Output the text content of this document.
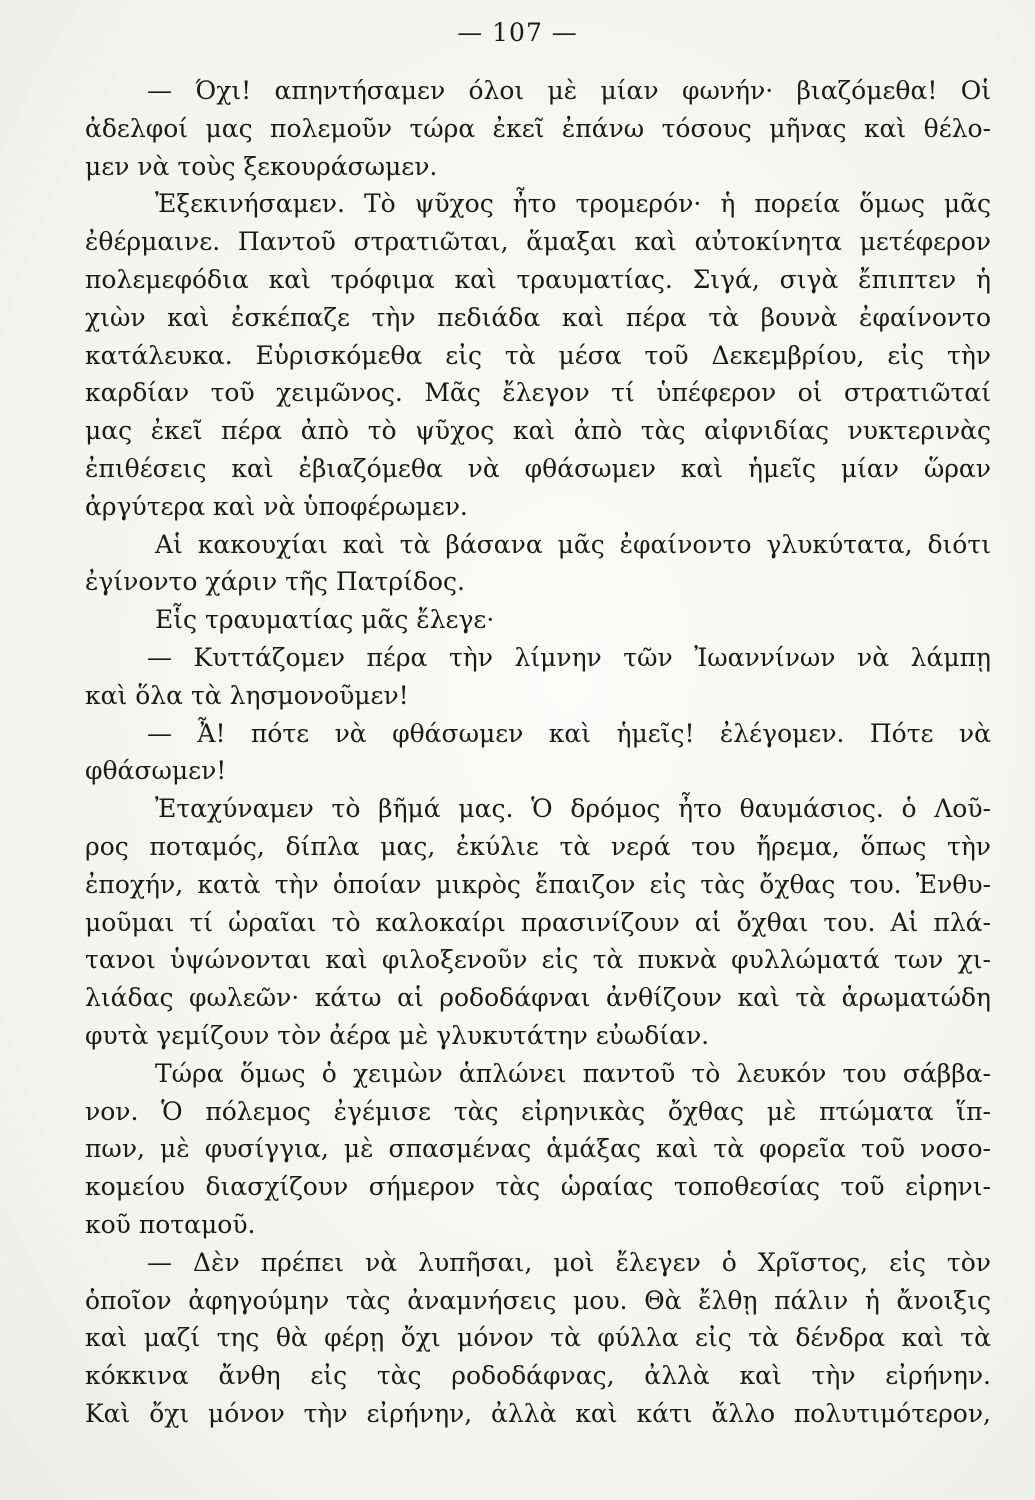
— 107 —
— Όχι! απηντήσαμεν όλοι μὲ μίαν φωνήν· βιαζόμεθα! Οἱ
ἀδελφοί μας πολεμοῦν τώρα ἐκεῖ ἐπάνω τόσους μῆνας καὶ θέλο-
μεν νὰ τοὺς ξεκουράσωμεν.
Ἐξεκινήσαμεν. Τὸ ψῦχος ἦτο τρομερόν· ἡ πορεία ὅμως μᾶς
ἐθέρμαινε. Παντοῦ στρατιῶται, ἅμαξαι καὶ αὐτοκίνητα μετέφερον
πολεμεφόδια καὶ τρόφιμα καὶ τραυματίας. Σιγά, σιγὰ ἔπιπτεν ἡ
χιὼν καὶ ἐσκέπαζε τὴν πεδιάδα καὶ πέρα τὰ βουνὰ ἐφαίνοντο
κατάλευκα. Εὑρισκόμεθα εἰς τὰ μέσα τοῦ Δεκεμβρίου, εἰς τὴν
καρδίαν τοῦ χειμῶνος. Μᾶς ἔλεγον τί ὑπέφερον οἱ στρατιῶταί
μας ἐκεῖ πέρα ἀπὸ τὸ ψῦχος καὶ ἀπὸ τὰς αἰφνιδίας νυκτερινὰς
ἐπιθέσεις καὶ ἐβιαζόμεθα νὰ φθάσωμεν καὶ ἡμεῖς μίαν ὥραν
ἀργύτερα καὶ νὰ ὑποφέρωμεν.
Αἱ κακουχίαι καὶ τὰ βάσανα μᾶς ἐφαίνοντο γλυκύτατα, διότι
ἐγίνοντο χάριν τῆς Πατρίδος.
Εἷς τραυματίας μᾶς ἔλεγε·
— Κυττάζομεν πέρα τὴν λίμνην τῶν Ἰωαννίνων νὰ λάμπῃ
καὶ ὅλα τὰ λησμονοῦμεν!
— Ἆ! πότε νὰ φθάσωμεν καὶ ἡμεῖς! ἐλέγομεν. Πότε νὰ
φθάσωμεν!
Ἐταχύναμεν τὸ βῆμά μας. Ὁ δρόμος ἦτο θαυμάσιος. ὁ Λοῦ-
ρος ποταμός, δίπλα μας, ἐκύλιε τὰ νερά του ἤρεμα, ὅπως τὴν
ἐποχήν, κατὰ τὴν ὁποίαν μικρὸς ἔπαιζον εἰς τὰς ὄχθας του. Ἐνθυ-
μοῦμαι τί ὡραῖαι τὸ καλοκαίρι πρασινίζουν αἱ ὄχθαι του. Αἱ πλά-
τανοι ὑψώνονται καὶ φιλοξενοῦν εἰς τὰ πυκνὰ φυλλώματά των χι-
λιάδας φωλεῶν· κάτω αἱ ροδοδάφναι ἀνθίζουν καὶ τὰ ἀρωματώδη
φυτὰ γεμίζουν τὸν ἀέρα μὲ γλυκυτάτην εὐωδίαν.
Τώρα ὅμως ὁ χειμὼν ἁπλώνει παντοῦ τὸ λευκόν του σάββα-
νον. Ὁ πόλεμος ἐγέμισε τὰς εἰρηνικὰς ὄχθας μὲ πτώματα ἵπ-
πων, μὲ φυσίγγια, μὲ σπασμένας ἁμάξας καὶ τὰ φορεῖα τοῦ νοσο-
κομείου διασχίζουν σήμερον τὰς ὡραίας τοποθεσίας τοῦ εἰρηνι-
κοῦ ποταμοῦ.
— Δὲν πρέπει νὰ λυπῆσαι, μοὶ ἔλεγεν ὁ Χρῖστος, εἰς τὸν
ὁποῖον ἀφηγούμην τὰς ἀναμνήσεις μου. Θὰ ἔλθῃ πάλιν ἡ ἄνοιξις
καὶ μαζί της θὰ φέρῃ ὄχι μόνον τὰ φύλλα εἰς τὰ δένδρα καὶ τὰ
κόκκινα ἄνθη εἰς τὰς ροδοδάφνας, ἀλλὰ καὶ τὴν εἰρήνην.
Καὶ ὄχι μόνον τὴν εἰρήνην, ἀλλὰ καὶ κάτι ἄλλο πολυτιμότερον,
